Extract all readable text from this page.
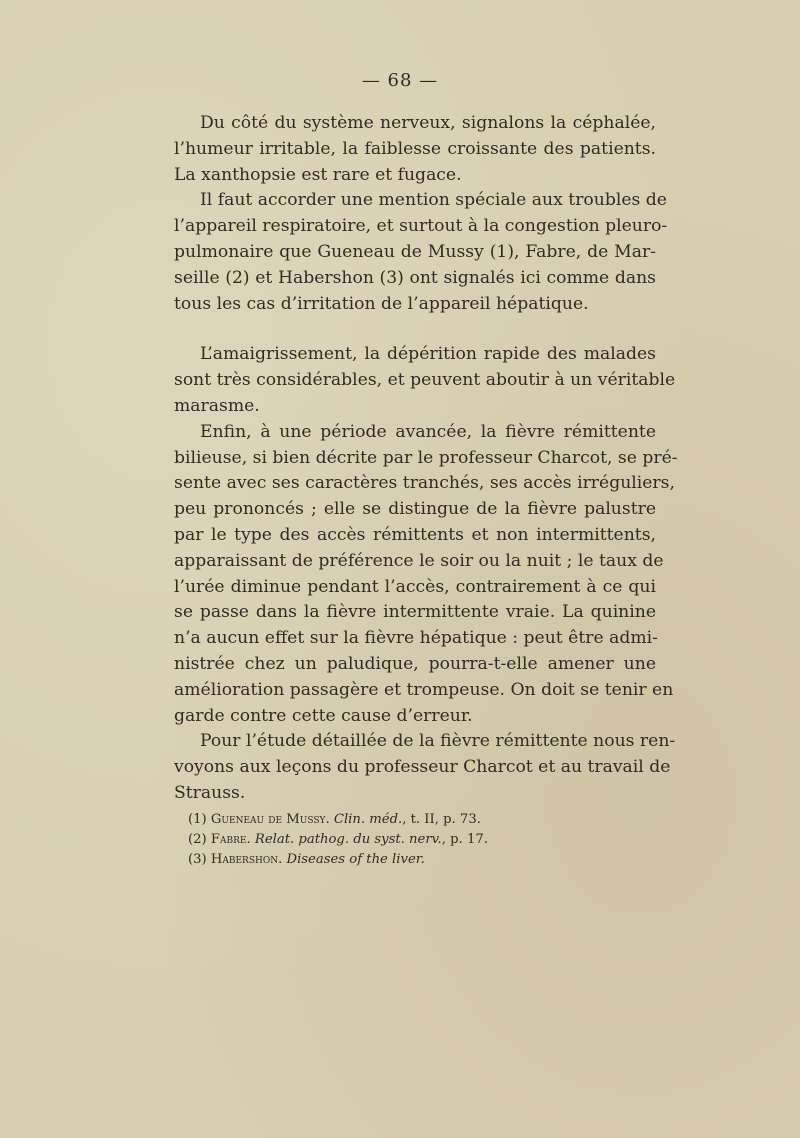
— 68 —

Du côté du système nerveux, signalons la céphalée,
l’humeur irritable, la faiblesse croissante des patients.
La xanthopsie est rare et fugace.

Il faut accorder une mention spéciale aux troubles de
l’appareil respiratoire, et surtout à la congestion pleuro-
pulmonaire que Gueneau de Mussy (1), Fabre, de Mar-
seille (2) et Habershon (3) ont signalés ici comme dans
tous les cas d’irritation de l’appareil hépatique.

L’amaigrissement, la dépérition rapide des malades
sont très considérables, et peuvent aboutir à un véritable
marasme.

Enfin, à une période avancée, la fièvre rémittente
bilieuse, si bien décrite par le professeur Charcot, se pré-
sente avec ses caractères tranchés, ses accès irréguliers,
peu prononcés ; elle se distingue de la fièvre palustre
par le type des accès rémittents et non intermittents,
apparaissant de préférence le soir ou la nuit ; le taux de
l’urée diminue pendant l’accès, contrairement à ce qui
se passe dans la fièvre intermittente vraie. La quinine
n’a aucun effet sur la fièvre hépatique : peut être admi-
nistrée chez un paludique, pourra-t-elle amener une
amélioration passagère et trompeuse. On doit se tenir en
garde contre cette cause d’erreur.

Pour l’étude détaillée de la fièvre rémittente nous ren-
voyons aux leçons du professeur Charcot et au travail de
Strauss.

(1) Gueneau de Mussy. Clin. méd., t. II, p. 73.
(2) Fabre. Relat. pathog. du syst. nerv., p. 17.
(3) Habershon. Diseases of the liver.
